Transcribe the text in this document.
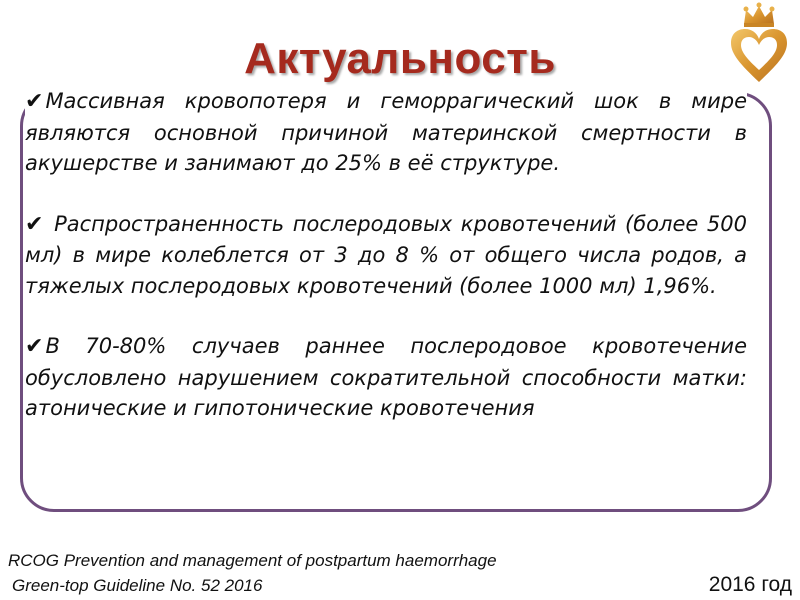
Актуальность
✔Массивная кровопотеря и геморрагический шок в мире являются основной причиной материнской смертности в акушерстве и занимают до 25% в её структуре.
✔ Распространенность послеродовых кровотечений (более 500 мл) в мире колеблется от 3 до 8 % от общего числа родов, а тяжелых послеродовых кровотечений (более 1000 мл) 1,96%.
✔В 70-80% случаев раннее послеродовое кровотечение обусловлено нарушением сократительной способности матки: атонические и гипотонические кровотечения
RCOG Prevention and management of postpartum haemorrhage
Green-top Guideline No. 52 2016	2016 год
